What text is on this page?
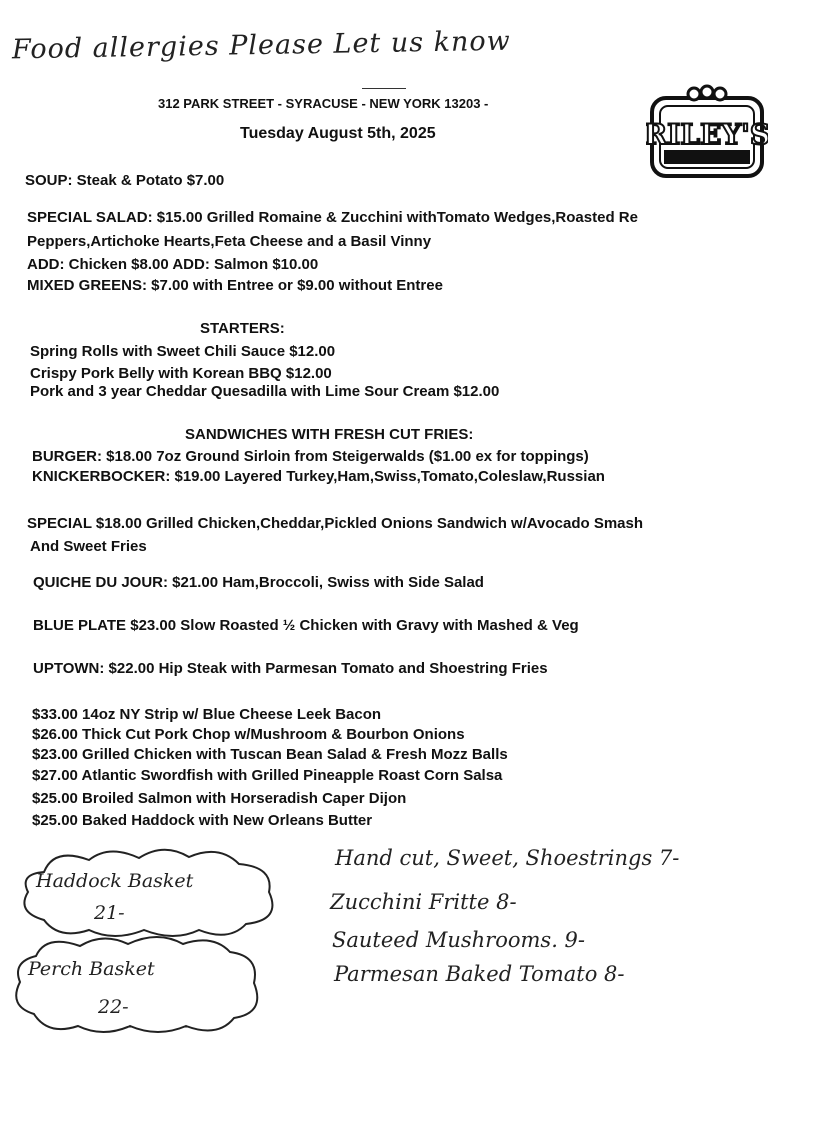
Food allergies Please Let us know
312 PARK STREET - SYRACUSE - NEW YORK 13203 -
Tuesday August 5th, 2025	RILEY'S
SOUP: Steak & Potato $7.00
SPECIAL SALAD: $15.00 Grilled Romaine & Zucchini withTomato Wedges,Roasted Re
Peppers,Artichoke Hearts,Feta Cheese and a Basil Vinny
ADD: Chicken $8.00 ADD: Salmon $10.00
MIXED GREENS: $7.00 with Entree or $9.00 without Entree
STARTERS:
Spring Rolls with Sweet Chili Sauce $12.00
Crispy Pork Belly with Korean BBQ $12.00
Pork and 3 year Cheddar Quesadilla with Lime Sour Cream $12.00
SANDWICHES WITH FRESH CUT FRIES:
BURGER: $18.00 7oz Ground Sirloin from Steigerwalds ($1.00 ex for toppings)
KNICKERBOCKER: $19.00 Layered Turkey,Ham,Swiss,Tomato,Coleslaw,Russian
SPECIAL $18.00 Grilled Chicken,Cheddar,Pickled Onions Sandwich w/Avocado Smash
And Sweet Fries
QUICHE DU JOUR: $21.00 Ham,Broccoli, Swiss with Side Salad
BLUE PLATE $23.00 Slow Roasted ½ Chicken with Gravy with Mashed & Veg
UPTOWN: $22.00 Hip Steak with Parmesan Tomato and Shoestring Fries
$33.00 14oz NY Strip w/ Blue Cheese Leek Bacon
$26.00 Thick Cut Pork Chop w/Mushroom & Bourbon Onions
$23.00 Grilled Chicken with Tuscan Bean Salad & Fresh Mozz Balls
$27.00 Atlantic Swordfish with Grilled Pineapple Roast Corn Salsa
$25.00 Broiled Salmon with Horseradish Caper Dijon
$25.00 Baked Haddock with New Orleans Butter
Haddock Basket
21-
Perch Basket
22-
Hand cut, Sweet, Shoestrings 7-
Zucchini Fritte 8-
Sauteed Mushrooms. 9-
Parmesan Baked Tomato 8-
